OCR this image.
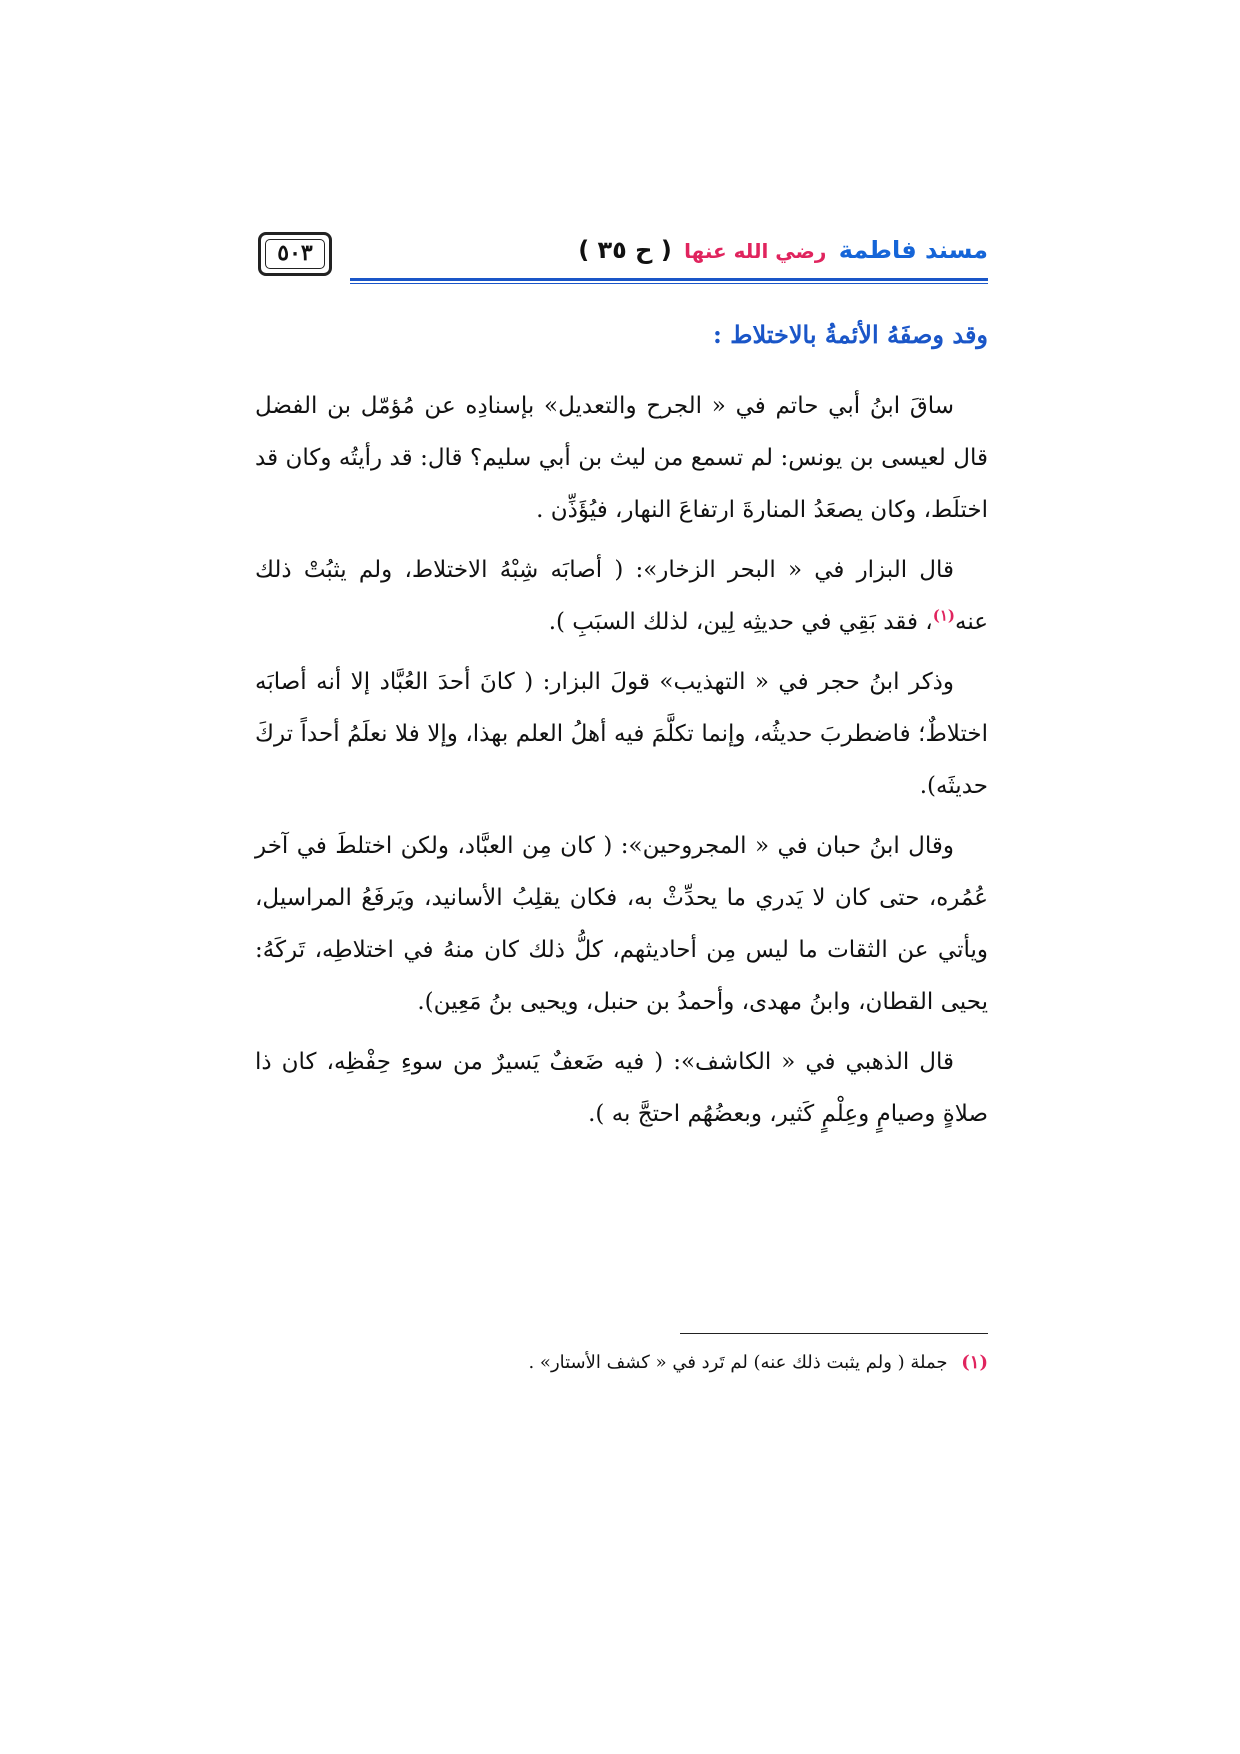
٥٠٣	مسند فاطمة رضي الله عنها ( ح ٣٥ )
وقد وصفَهُ الأئمةُ بالاختلاط :

ساقَ ابنُ أبي حاتم في « الجرح والتعديل» بإسنادِه عن مُؤمّل بن الفضل قال لعيسى بن يونس: لم تسمع من ليث بن أبي سليم؟ قال: قد رأيتُه وكان قد اختلَط، وكان يصعَدُ المنارةَ ارتفاعَ النهار، فيُؤَذِّن .

قال البزار في « البحر الزخار»: ( أصابَه شِبْهُ الاختلاط، ولم يثبُتْ ذلك عنه$^{(١)}$، فقد بَقِي في حديثِه لِين، لذلك السبَبِ ).

وذكر ابنُ حجر في « التهذيب» قولَ البزار: ( كانَ أحدَ العُبَّاد إلا أنه أصابَه اختلاطٌ؛ فاضطربَ حديثُه، وإنما تكلَّمَ فيه أهلُ العلم بهذا، وإلا فلا نعلَمُ أحداً تركَ حديثَه).

وقال ابنُ حبان في « المجروحين»: ( كان مِن العبَّاد، ولكن اختلطَ في آخر عُمُره، حتى كان لا يَدري ما يحدِّثْ به، فكان يقلِبُ الأسانيد، ويَرفَعُ المراسيل، ويأتي عن الثقات ما ليس مِن أحاديثهم، كلُّ ذلك كان منهُ في اختلاطِه، تَركَهُ: يحيى القطان، وابنُ مهدى، وأحمدُ بن حنبل، ويحيى بنُ مَعِين).

قال الذهبي في « الكاشف»: ( فيه ضَعفٌ يَسيرٌ من سوءِ حِفْظِه، كان ذا صلاةٍ وصيامٍ وعِلْمٍ كَثير، وبعضُهُم احتجَّ به ).

(١) جملة ( ولم يثبت ذلك عنه) لم تَرد في « كشف الأستار» .
